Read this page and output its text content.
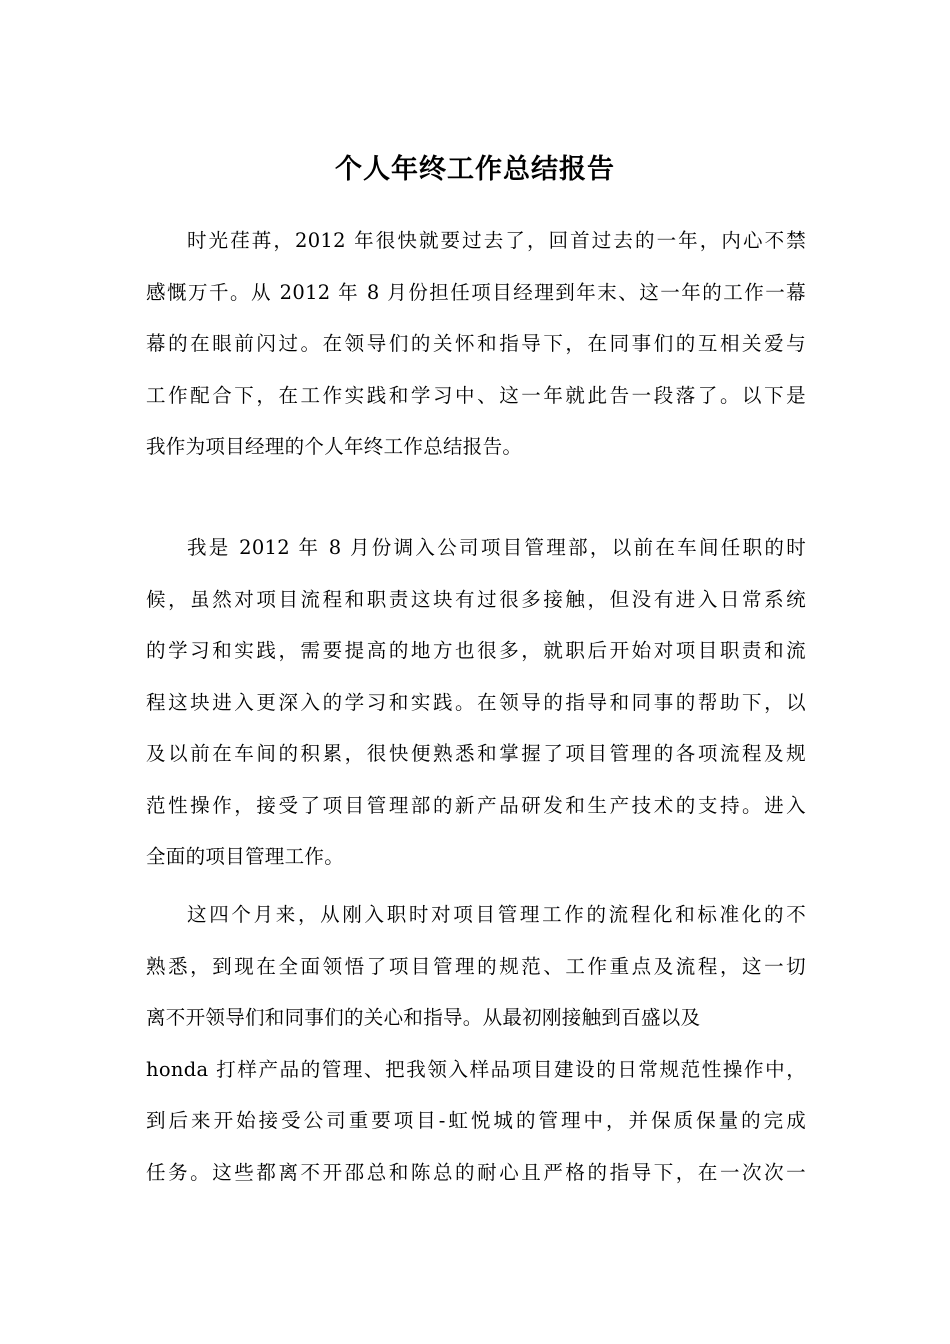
个人年终工作总结报告
时光荏苒，2012 年很快就要过去了，回首过去的一年，内心不禁
感慨万千。从 2012 年 8 月份担任项目经理到年末、这一年的工作一幕
幕的在眼前闪过。在领导们的关怀和指导下，在同事们的互相关爱与
工作配合下，在工作实践和学习中、这一年就此告一段落了。以下是
我作为项目经理的个人年终工作总结报告。
我是 2012 年 8 月份调入公司项目管理部，以前在车间任职的时
候，虽然对项目流程和职责这块有过很多接触，但没有进入日常系统
的学习和实践，需要提高的地方也很多，就职后开始对项目职责和流
程这块进入更深入的学习和实践。在领导的指导和同事的帮助下，以
及以前在车间的积累，很快便熟悉和掌握了项目管理的各项流程及规
范性操作，接受了项目管理部的新产品研发和生产技术的支持。进入
全面的项目管理工作。
这四个月来，从刚入职时对项目管理工作的流程化和标准化的不
熟悉，到现在全面领悟了项目管理的规范、工作重点及流程，这一切
离不开领导们和同事们的关心和指导。从最初刚接触到百盛以及
honda 打样产品的管理、把我领入样品项目建设的日常规范性操作中，
到后来开始接受公司重要项目-虹悦城的管理中，并保质保量的完成
任务。这些都离不开邵总和陈总的耐心且严格的指导下，在一次次一
